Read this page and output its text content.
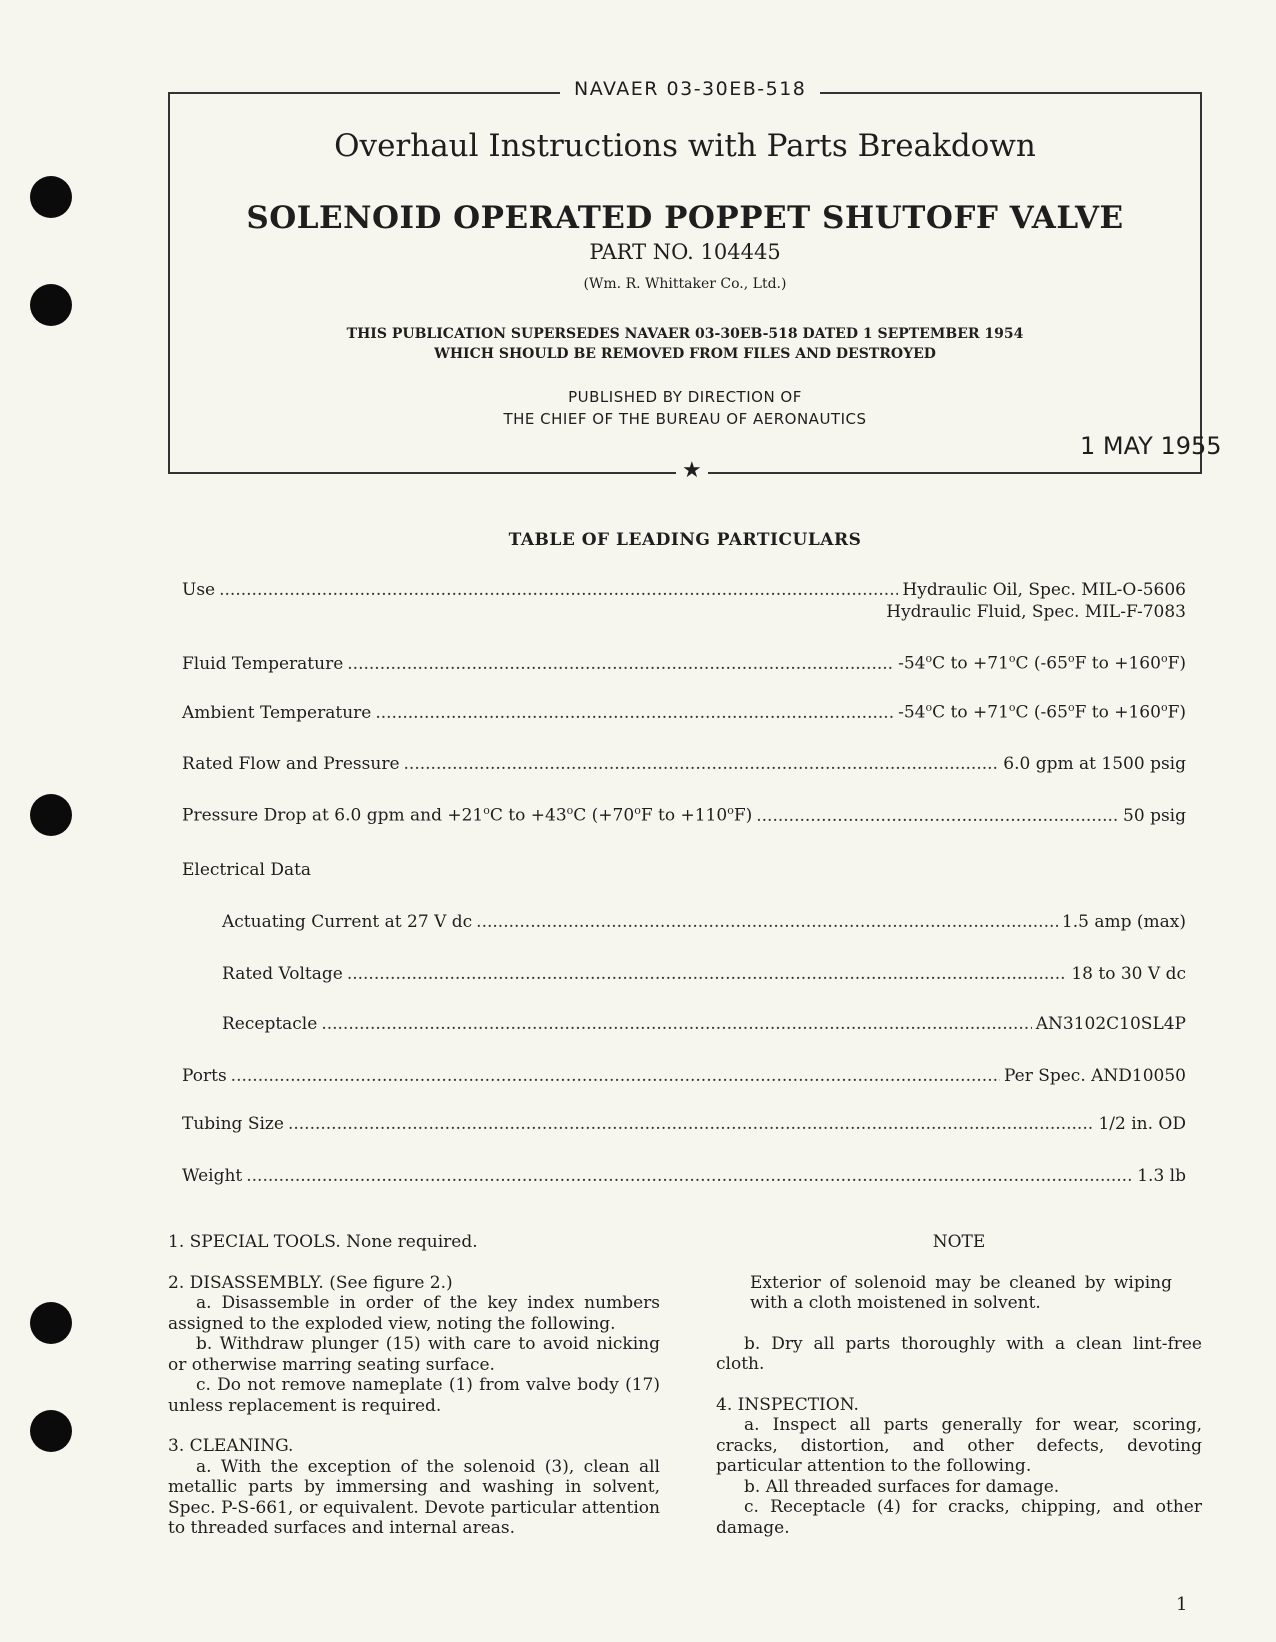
NAVAER 03-30EB-518
★
Overhaul Instructions with Parts Breakdown
SOLENOID OPERATED POPPET SHUTOFF VALVE
PART NO. 104445
(Wm. R. Whittaker Co., Ltd.)
THIS PUBLICATION SUPERSEDES NAVAER 03-30EB-518 DATED 1 SEPTEMBER 1954
WHICH SHOULD BE REMOVED FROM FILES AND DESTROYED
PUBLISHED BY DIRECTION OF
THE CHIEF OF THE BUREAU OF AERONAUTICS
1 MAY 1955
TABLE OF LEADING PARTICULARS
Use .....	Hydraulic Oil, Spec. MIL-O-5606
Hydraulic Fluid, Spec. MIL-F-7083
Fluid Temperature .....	-54$^o$C to $+71^oC$ (-65$^o$F to $+160^oF$)
Ambient Temperature .....	-54$^o$C to $+71^oC$ (-65$^o$F to $+160^oF$)
Rated Flow and Pressure .....	6.0 gpm at 1500 psig
Pressure Drop at 6.0 gpm and $+21^oC$ to $+43^oC$ ($+70^oF$ to $+110^oF$) .....	50 psig
Electrical Data
Actuating Current at 27 V dc .....	1.5 amp (max)
Rated Voltage .....	18 to 30 V dc
Receptacle .....	AN3102C10SL4P
Ports .....	Per Spec. AND10050
Tubing Size .....	1/2 in. OD
Weight .....	1.3 lb

1. SPECIAL TOOLS. None required.

2. DISASSEMBLY. (See figure 2.)

a. Disassemble in order of the key index numbers assigned to the exploded view, noting the following.

b. Withdraw plunger (15) with care to avoid nicking or otherwise marring seating surface.

c. Do not remove nameplate (1) from valve body (17) unless replacement is required.

3. CLEANING.

a. With the exception of the solenoid (3), clean all metallic parts by immersing and washing in solvent, Spec. P-S-661, or equivalent. Devote particular attention to threaded surfaces and internal areas.

NOTE

Exterior of solenoid may be cleaned by wiping with a cloth moistened in solvent.

b. Dry all parts thoroughly with a clean lint-free cloth.

4. INSPECTION.

a. Inspect all parts generally for wear, scoring, cracks, distortion, and other defects, devoting particular attention to the following.

b. All threaded surfaces for damage.

c. Receptacle (4) for cracks, chipping, and other damage.

1
